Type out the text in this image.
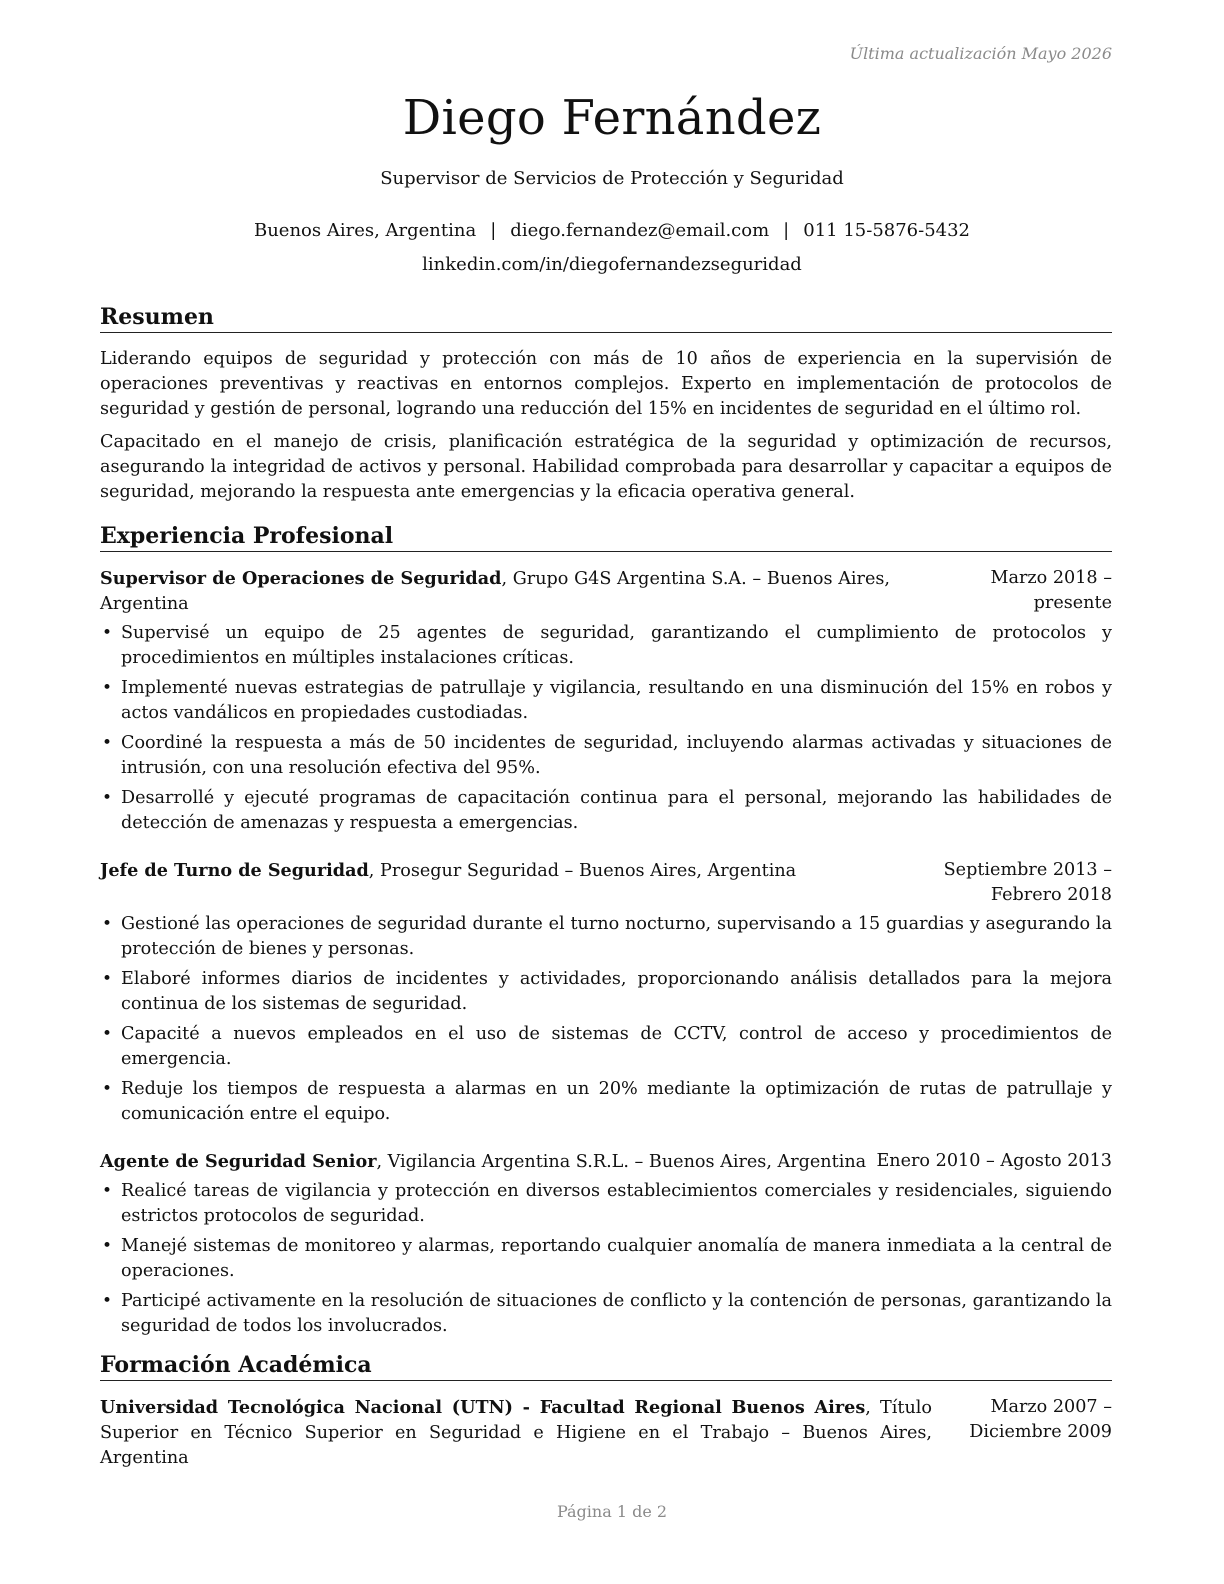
Última actualización Mayo 2026
Diego Fernández
Supervisor de Servicios de Protección y Seguridad
Buenos Aires, Argentina | diego.fernandez@email.com | 011 15-5876-5432
linkedin.com/in/diegofernandezseguridad
Resumen

Liderando equipos de seguridad y protección con más de 10 años de experiencia en la supervisión de operaciones preventivas y reactivas en entornos complejos. Experto en implementación de protocolos de seguridad y gestión de personal, logrando una reducción del 15% en incidentes de seguridad en el último rol.

Capacitado en el manejo de crisis, planificación estratégica de la seguridad y optimización de recursos, asegurando la integridad de activos y personal. Habilidad comprobada para desarrollar y capacitar a equipos de seguridad, mejorando la respuesta ante emergencias y la eficacia operativa general.

Experiencia Profesional
Supervisor de Operaciones de Seguridad, Grupo G4S Argentina S.A. – Buenos Aires, Argentina
Marzo 2018 – presente
• Supervisé un equipo de 25 agentes de seguridad, garantizando el cumplimiento de protocolos y procedimientos en múltiples instalaciones críticas.
• Implementé nuevas estrategias de patrullaje y vigilancia, resultando en una disminución del 15% en robos y actos vandálicos en propiedades custodiadas.
• Coordiné la respuesta a más de 50 incidentes de seguridad, incluyendo alarmas activadas y situaciones de intrusión, con una resolución efectiva del 95%.
• Desarrollé y ejecuté programas de capacitación continua para el personal, mejorando las habilidades de detección de amenazas y respuesta a emergencias.
Jefe de Turno de Seguridad, Prosegur Seguridad – Buenos Aires, Argentina	Septiembre 2013 – Febrero 2018
• Gestioné las operaciones de seguridad durante el turno nocturno, supervisando a 15 guardias y asegurando la protección de bienes y personas.
• Elaboré informes diarios de incidentes y actividades, proporcionando análisis detallados para la mejora continua de los sistemas de seguridad.
• Capacité a nuevos empleados en el uso de sistemas de CCTV, control de acceso y procedimientos de emergencia.
• Reduje los tiempos de respuesta a alarmas en un 20% mediante la optimización de rutas de patrullaje y comunicación entre el equipo.
Agente de Seguridad Senior, Vigilancia Argentina S.R.L. – Buenos Aires, Argentina Enero 2010 – Agosto 2013
• Realicé tareas de vigilancia y protección en diversos establecimientos comerciales y residenciales, siguiendo estrictos protocolos de seguridad.
• Manejé sistemas de monitoreo y alarmas, reportando cualquier anomalía de manera inmediata a la central de operaciones.
• Participé activamente en la resolución de situaciones de conflicto y la contención de personas, garantizando la seguridad de todos los involucrados.
Formación Académica
Universidad Tecnológica Nacional (UTN) - Facultad Regional Buenos Aires, Título Superior en Técnico Superior en Seguridad e Higiene en el Trabajo – Buenos Aires, Argentina
Marzo 2007 – Diciembre 2009
Página 1 de 2
